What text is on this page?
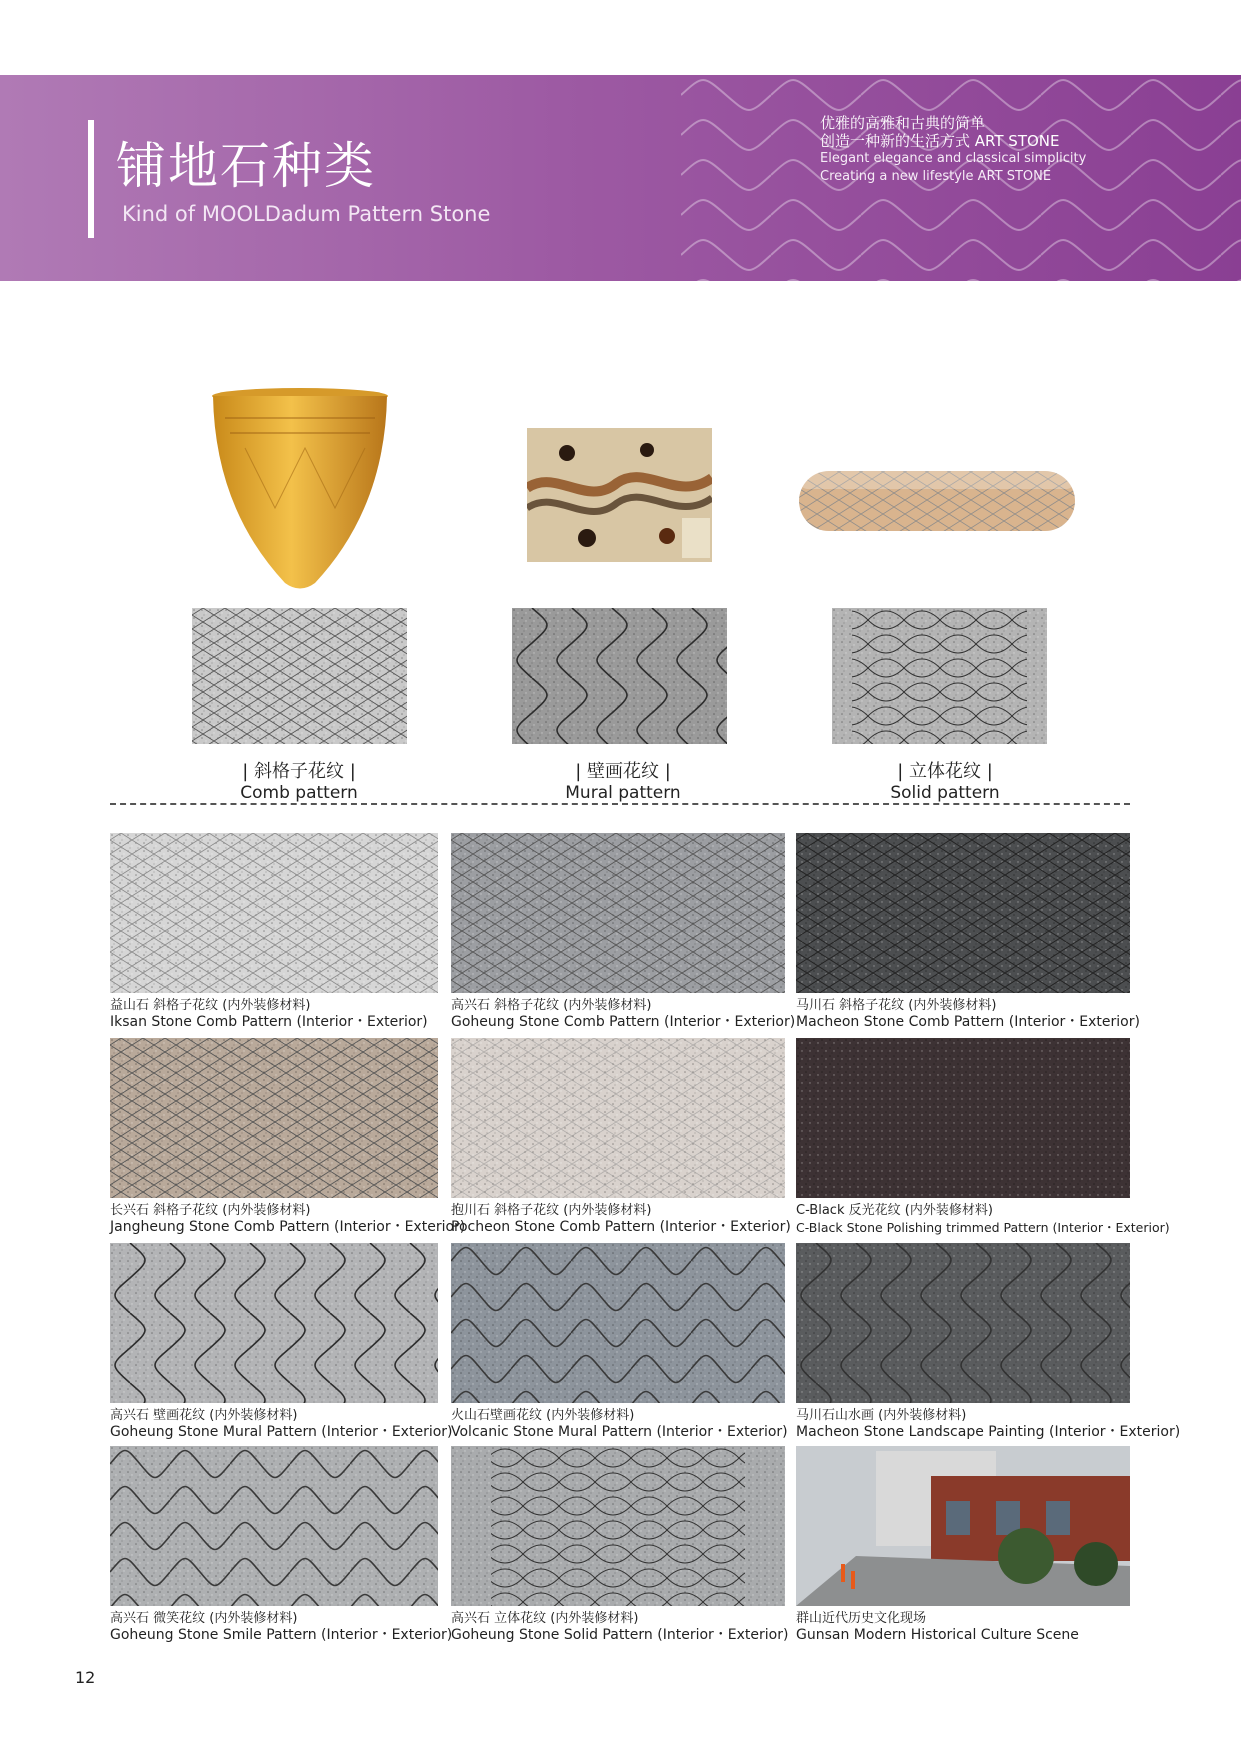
铺地石种类
Kind of MOOLDadum Pattern Stone
优雅的高雅和古典的简单
创造一种新的生活方式 ART STONE
Elegant elegance and classical simplicity
Creating a new lifestyle ART STONE
| 斜格子花纹 |
Comb pattern
| 壁画花纹 |
Mural pattern
| 立体花纹 |
Solid pattern
益山石 斜格子花纹 (内外装修材料)
Iksan Stone Comb Pattern (Interior・Exterior)
高兴石 斜格子花纹 (内外装修材料)
Goheung Stone Comb Pattern (Interior・Exterior)
马川石 斜格子花纹 (内外装修材料)
Macheon Stone Comb Pattern (Interior・Exterior)
长兴石 斜格子花纹 (内外装修材料)
Jangheung Stone Comb Pattern (Interior・Exterior)
抱川石 斜格子花纹 (内外装修材料)
Pocheon Stone Comb Pattern (Interior・Exterior)
C-Black 反光花纹 (内外装修材料)
C-Black Stone Polishing trimmed Pattern (Interior・Exterior)
高兴石 壁画花纹 (内外装修材料)
Goheung Stone Mural Pattern (Interior・Exterior)
火山石壁画花纹 (内外装修材料)
Volcanic Stone Mural Pattern (Interior・Exterior)
马川石山水画 (内外装修材料)
Macheon Stone Landscape Painting (Interior・Exterior)
高兴石 微笑花纹 (内外装修材料)
Goheung Stone Smile Pattern (Interior・Exterior)
高兴石 立体花纹 (内外装修材料)
Goheung Stone Solid Pattern (Interior・Exterior)
群山近代历史文化现场
Gunsan Modern Historical Culture Scene
12
